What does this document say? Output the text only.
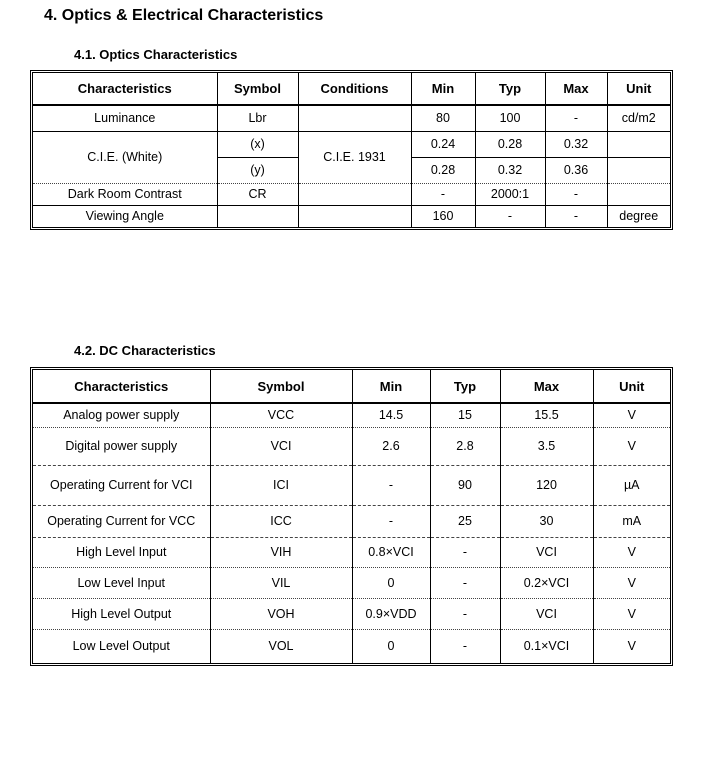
4. Optics & Electrical Characteristics
4.1. Optics Characteristics
Characteristics	Symbol	Conditions	Min	Typ	Max	Unit
Luminance	Lbr		80	100	-	cd/m2
C.I.E. (White)	(x)	C.I.E. 1931	0.24	0.28	0.32	
	(y)		0.28	0.32	0.36	
Dark Room Contrast	CR		-	2000:1	-	
Viewing Angle			160	-	-	degree
4.2. DC Characteristics
Characteristics	Symbol	Min	Typ	Max	Unit
Analog power supply	VCC	14.5	15	15.5	V
Digital power supply	VCI	2.6	2.8	3.5	V
Operating Current for VCI	ICI	-	90	120	µA
Operating Current for VCC	ICC	-	25	30	mA
High Level Input	VIH	0.8×VCI	-	VCI	V
Low Level Input	VIL	0	-	0.2×VCI	V
High Level Output	VOH	0.9×VDD	-	VCI	V
Low Level Output	VOL	0	-	0.1×VCI	V
